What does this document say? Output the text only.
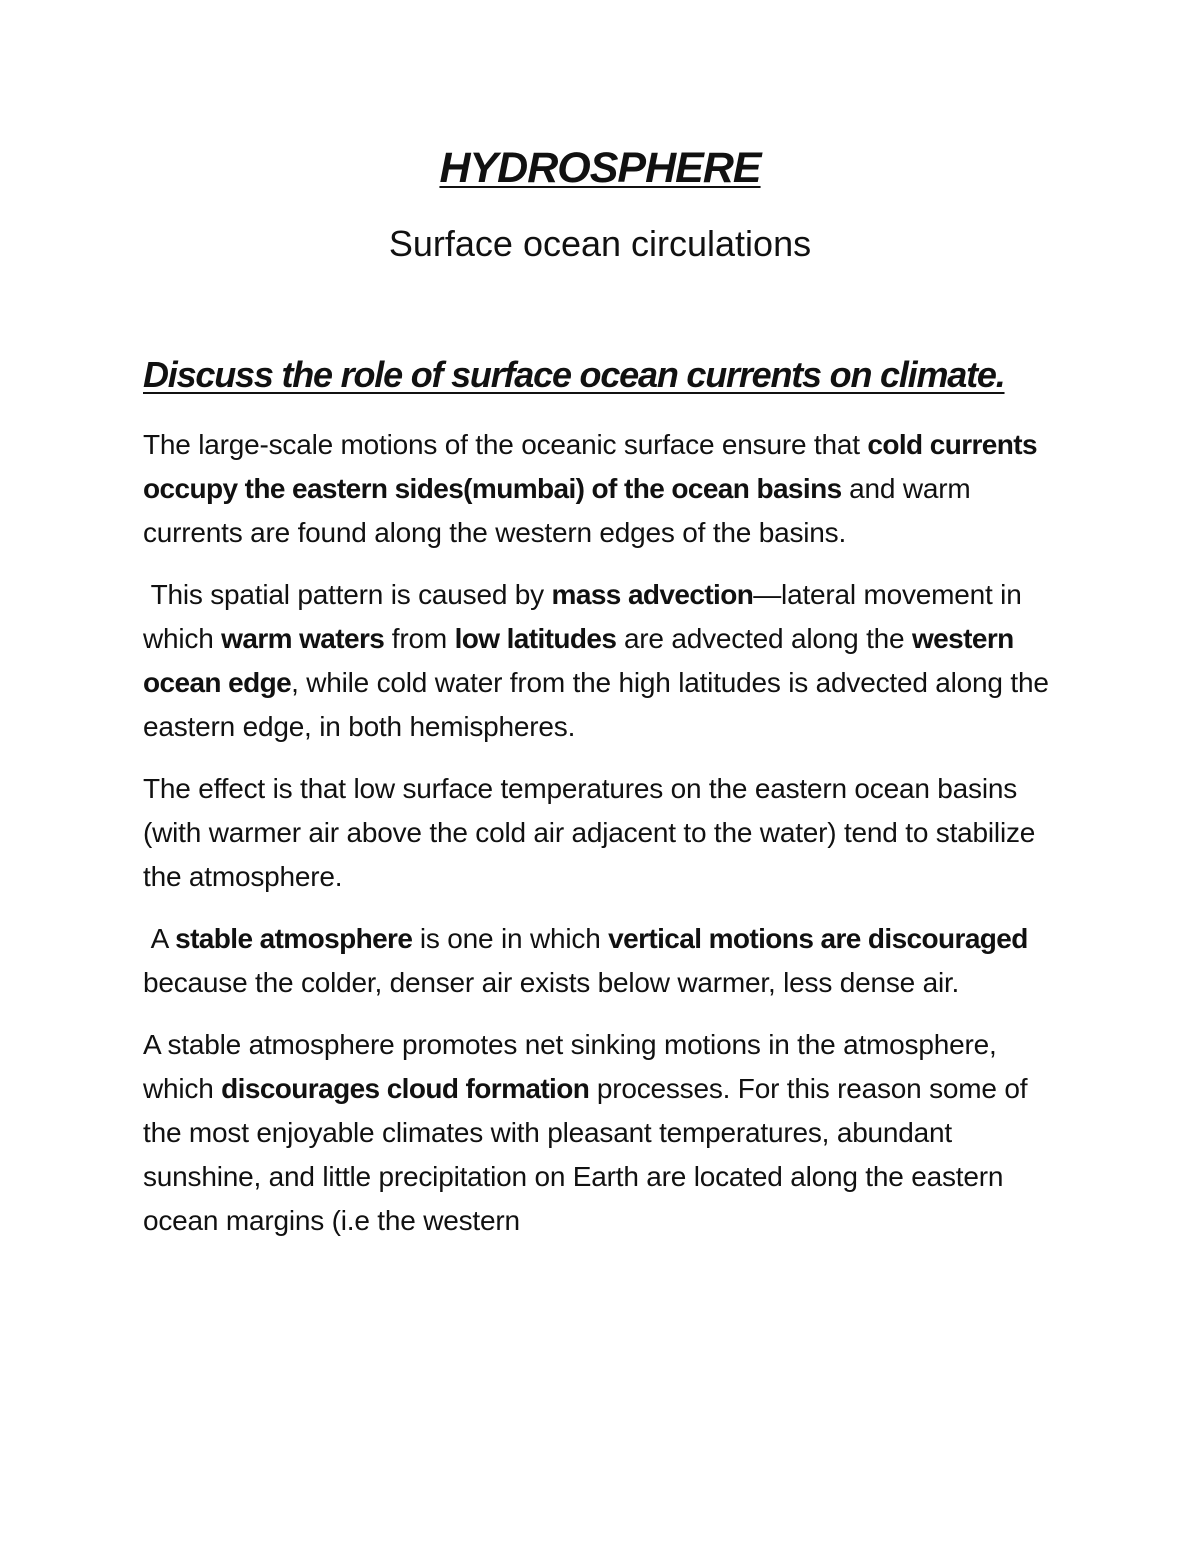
HYDROSPHERE
Surface ocean circulations
Discuss the role of surface ocean currents on climate.

The large-scale motions of the oceanic surface ensure that cold currents occupy the eastern sides(mumbai) of the ocean basins and warm currents are found along the western edges of the basins.

This spatial pattern is caused by mass advection—lateral movement in which warm waters from low latitudes are advected along the western ocean edge, while cold water from the high latitudes is advected along the eastern edge, in both hemispheres.

The effect is that low surface temperatures on the eastern ocean basins (with warmer air above the cold air adjacent to the water) tend to stabilize the atmosphere.

A stable atmosphere is one in which vertical motions are discouraged because the colder, denser air exists below warmer, less dense air.

A stable atmosphere promotes net sinking motions in the atmosphere, which discourages cloud formation processes. For this reason some of the most enjoyable climates with pleasant temperatures, abundant sunshine, and little precipitation on Earth are located along the eastern ocean margins (i.e the western
